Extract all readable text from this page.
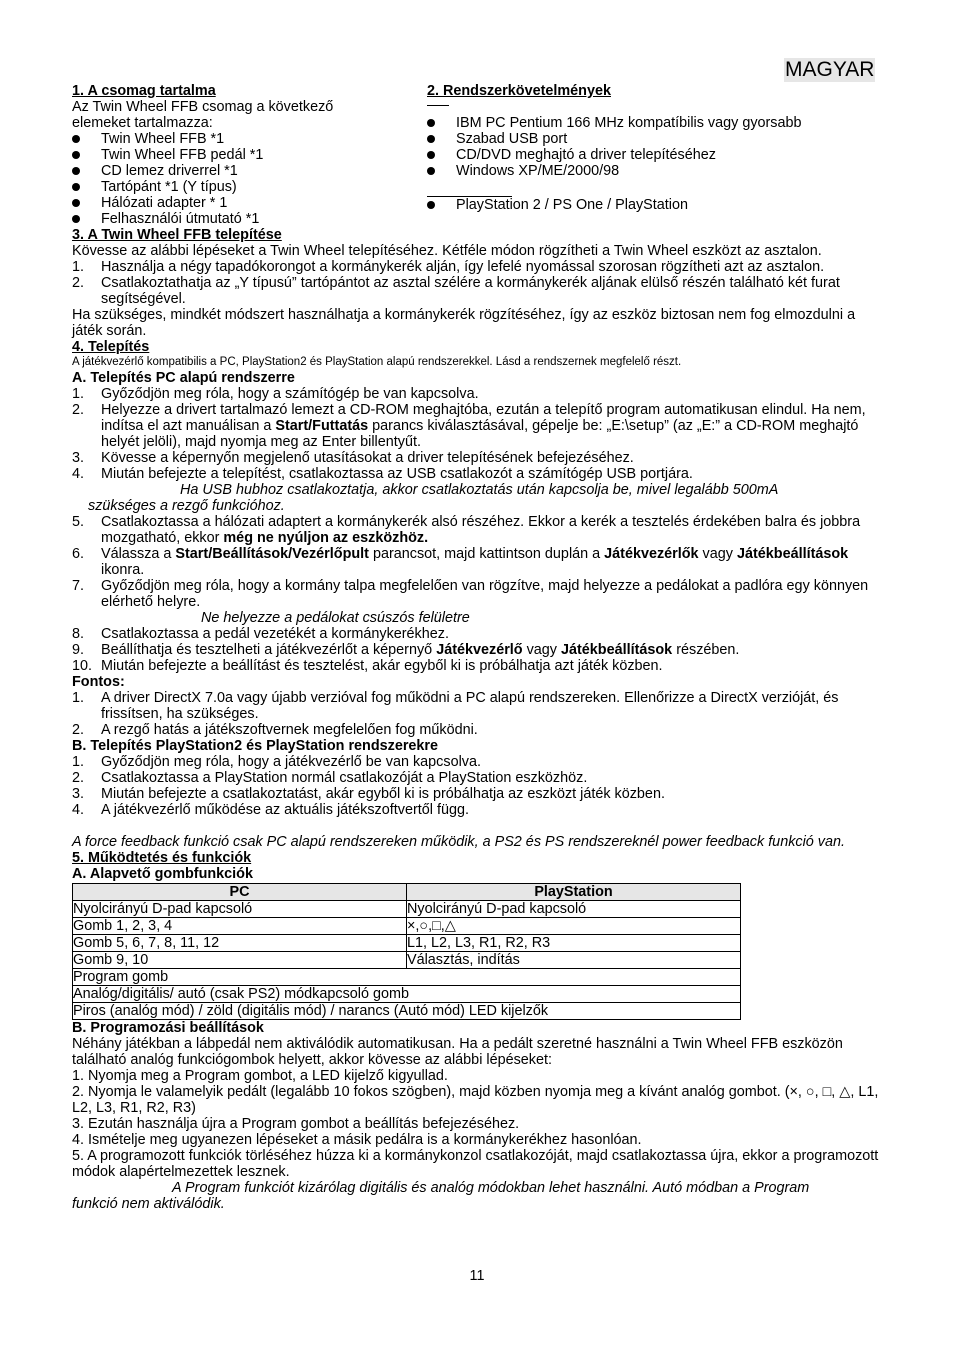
MAGYAR
1. A csomag tartalma
Az Twin Wheel FFB csomag a következő elemeket tartalmazza:
Twin Wheel FFB *1
Twin Wheel FFB pedál *1
CD lemez driverrel *1
Tartópánt *1 (Y típus)
Hálózati adapter * 1
Felhasználói útmutató *1
2. Rendszerkövetelmények
IBM PC Pentium 166 MHz kompatíbilis vagy gyorsabb
Szabad USB port
CD/DVD meghajtó a driver telepítéséhez
Windows XP/ME/2000/98
PlayStation 2 / PS One / PlayStation
3. A Twin Wheel FFB telepítése
Kövesse az alábbi lépéseket a Twin Wheel telepítéséhez. Kétféle módon rögzítheti a Twin Wheel eszközt az asztalon.
1. Használja a négy tapadókorongot a kormánykerék alján, így lefelé nyomással szorosan rögzítheti azt az asztalon.
2. Csatlakoztathatja az „Y típusú” tartópántot az asztal szélére a kormánykerék aljának elülső részén található két furat segítségével.
Ha szükséges, mindkét módszert használhatja a kormánykerék rögzítéséhez, így az eszköz biztosan nem fog elmozdulni a játék során.
4. Telepítés
A játékvezérlő kompatibilis a PC, PlayStation2 és PlayStation alapú rendszerekkel. Lásd a rendszernek megfelelő részt.
A. Telepítés PC alapú rendszerre
1. Győződjön meg róla, hogy a számítógép be van kapcsolva.
2. Helyezze a drivert tartalmazó lemezt a CD-ROM meghajtóba, ezután a telepítő program automatikusan elindul. Ha nem, indítsa el azt manuálisan a Start/Futtatás parancs kiválasztásával, gépelje be: „E:\setup” (az „E:” a CD-ROM meghajtó helyét jelöli), majd nyomja meg az Enter billentyűt.
3. Kövesse a képernyőn megjelenő utasításokat a driver telepítésének befejezéséhez.
4. Miután befejezte a telepítést, csatlakoztassa az USB csatlakozót a számítógép USB portjára.
Ha USB hubhoz csatlakoztatja, akkor csatlakoztatás után kapcsolja be, mivel legalább 500mA
szükséges a rezgő funkcióhoz.
5. Csatlakoztassa a hálózati adaptert a kormánykerék alsó részéhez. Ekkor a kerék a tesztelés érdekében balra és jobbra mozgatható, ekkor még ne nyúljon az eszközhöz.
6. Válassza a Start/Beállítások/Vezérlőpult parancsot, majd kattintson duplán a Játékvezérlők vagy Játékbeállítások ikonra.
7. Győződjön meg róla, hogy a kormány talpa megfelelően van rögzítve, majd helyezze a pedálokat a padlóra egy könnyen elérhető helyre.
Ne helyezze a pedálokat csúszós felületre
8. Csatlakoztassa a pedál vezetékét a kormánykerékhez.
9. Beállíthatja és tesztelheti a játékvezérlőt a képernyő Játékvezérlő vagy Játékbeállítások részében.
10. Miután befejezte a beállítást és tesztelést, akár egyből ki is próbálhatja azt játék közben.
Fontos:
1. A driver DirectX 7.0a vagy újabb verzióval fog működni a PC alapú rendszereken. Ellenőrizze a DirectX verzióját, és frissítsen, ha szükséges.
2. A rezgő hatás a játékszoftvernek megfelelően fog működni.
B. Telepítés PlayStation2 és PlayStation rendszerekre
1. Győződjön meg róla, hogy a játékvezérlő be van kapcsolva.
2. Csatlakoztassa a PlayStation normál csatlakozóját a PlayStation eszközhöz.
3. Miután befejezte a csatlakoztatást, akár egyből ki is próbálhatja az eszközt játék közben.
4. A játékvezérlő működése az aktuális játékszoftvertől függ.
A force feedback funkció csak PC alapú rendszereken működik, a PS2 és PS rendszereknél power feedback funkció van.
5. Működtetés és funkciók
A. Alapvető gombfunkciók
PC	PlayStation
Nyolcirányú D-pad kapcsoló	Nyolcirányú D-pad kapcsoló
Gomb 1, 2, 3, 4	×,○,□,△
Gomb 5, 6, 7, 8, 11, 12	L1, L2, L3, R1, R2, R3
Gomb 9, 10	Választás, indítás
Program gomb	
Analóg/digitális/ autó (csak PS2) módkapcsoló gomb	
Piros (analóg mód) / zöld (digitális mód) / narancs (Autó mód) LED kijelzők	
B. Programozási beállítások
Néhány játékban a lábpedál nem aktiválódik automatikusan. Ha a pedált szeretné használni a Twin Wheel FFB eszközön található analóg funkciógombok helyett, akkor kövesse az alábbi lépéseket:
1. Nyomja meg a Program gombot, a LED kijelző kigyullad.
2. Nyomja le valamelyik pedált (legalább 10 fokos szögben), majd közben nyomja meg a kívánt analóg gombot. (×, ○, □, △, L1, L2, L3, R1, R2, R3)
3. Ezután használja újra a Program gombot a beállítás befejezéséhez.
4. Ismételje meg ugyanezen lépéseket a másik pedálra is a kormánykerékhez hasonlóan.
5. A programozott funkciók törléséhez húzza ki a kormánykonzol csatlakozóját, majd csatlakoztassa újra, ekkor a programozott módok alapértelmezettek lesznek.
A Program funkciót kizárólag digitális és analóg módokban lehet használni. Autó módban a Program
funkció nem aktiválódik.
11
